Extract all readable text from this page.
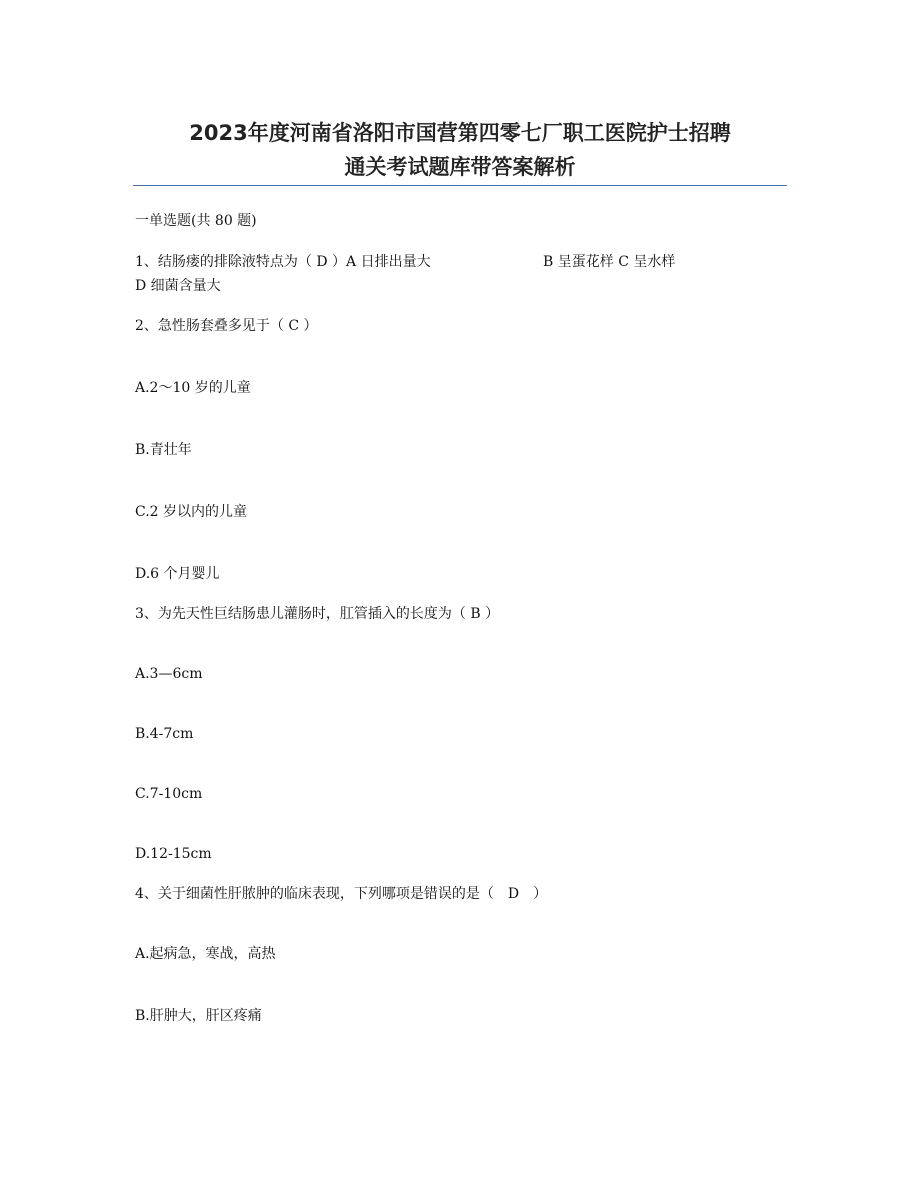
2023年度河南省洛阳市国营第四零七厂职工医院护士招聘
通关考试题库带答案解析
一单选题(共 80 题)
1、结肠瘘的排除液特点为（ D ）A 日排出量大	B 呈蛋花样 C 呈水样
D 细菌含量大
2、急性肠套叠多见于（ C ）
A.2～10 岁的儿童
B.青壮年
C.2 岁以内的儿童
D.6 个月婴儿
3、为先天性巨结肠患儿灌肠时，肛管插入的长度为（ B ）
A.3—6cm
B.4-7cm
C.7-10cm
D.12-15cm
4、关于细菌性肝脓肿的临床表现，下列哪项是错误的是（　D　）
A.起病急，寒战，高热
B.肝肿大，肝区疼痛
